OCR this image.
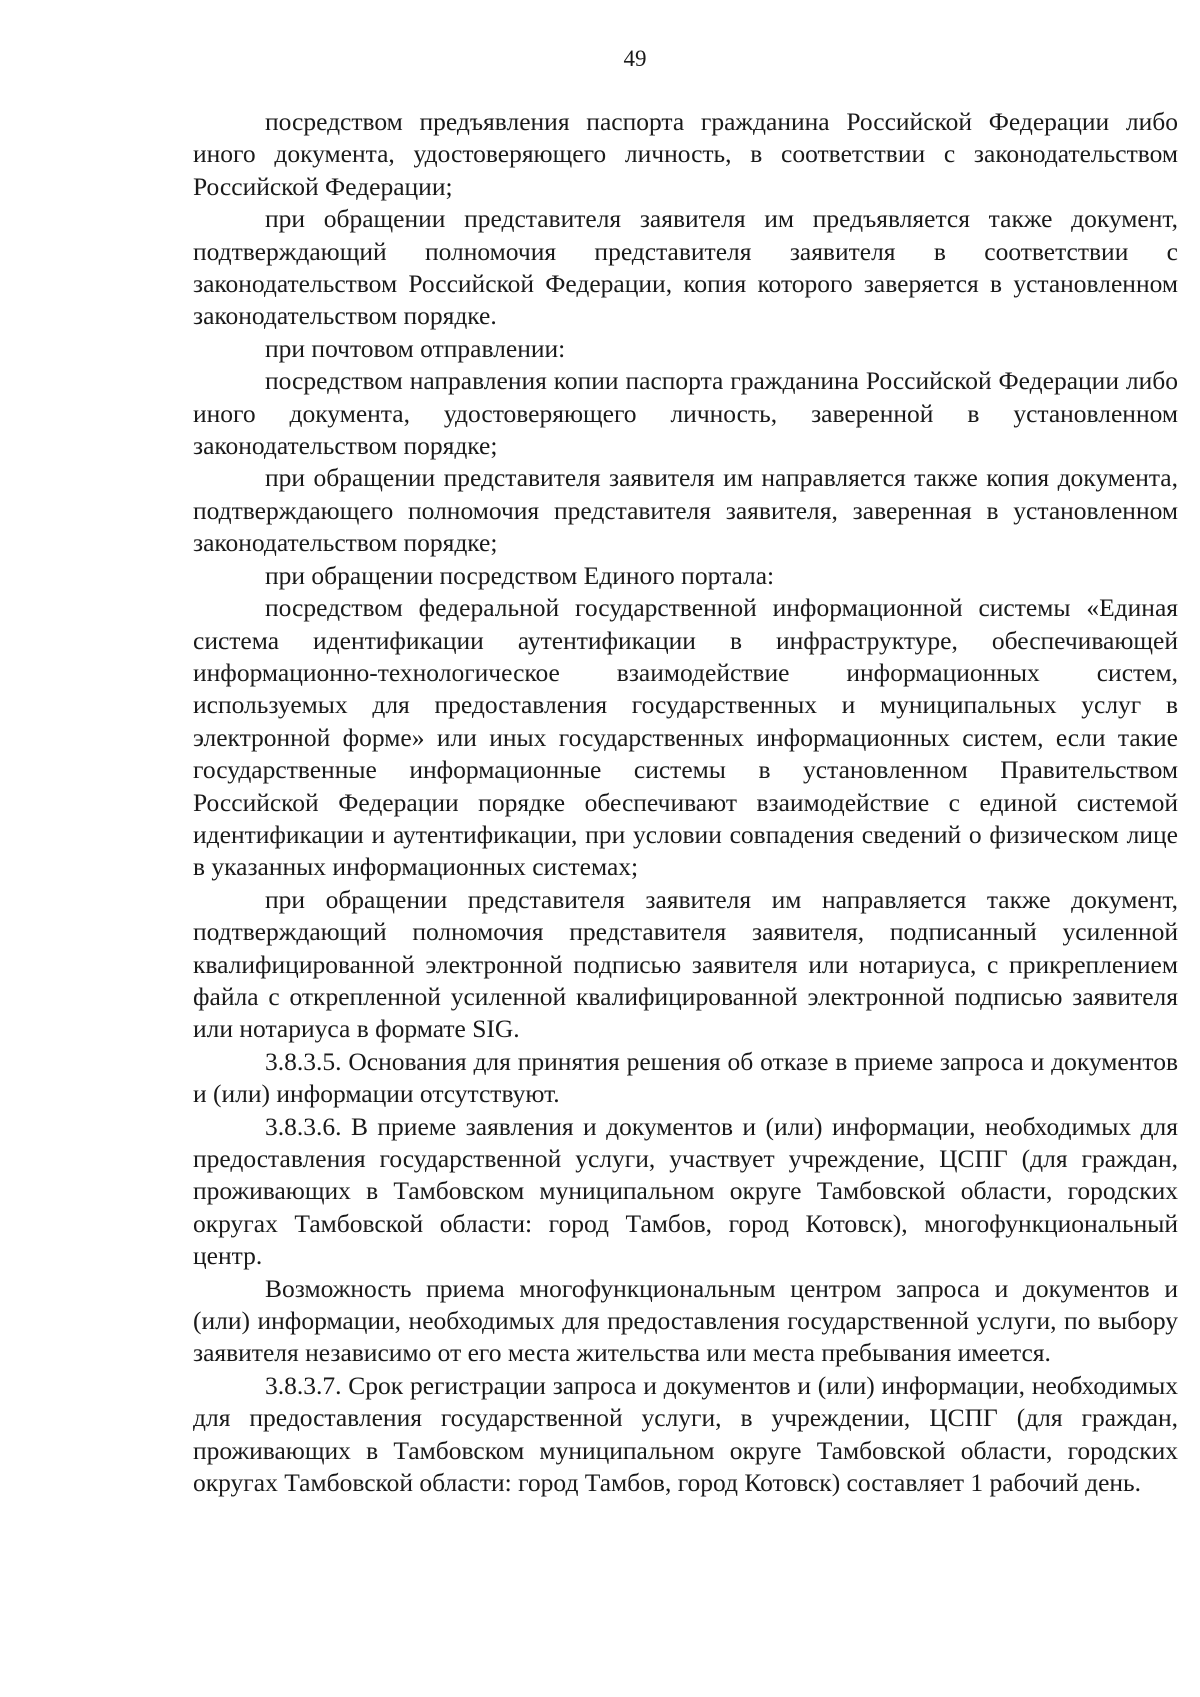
49

посредством предъявления паспорта гражданина Российской Федерации либо иного документа, удостоверяющего личность, в соответствии с законодательством Российской Федерации;

при обращении представителя заявителя им предъявляется также документ, подтверждающий полномочия представителя заявителя в соответствии с законодательством Российской Федерации, копия которого заверяется в установленном законодательством порядке.

при почтовом отправлении:

посредством направления копии паспорта гражданина Российской Федерации либо иного документа, удостоверяющего личность, заверенной в установленном законодательством порядке;

при обращении представителя заявителя им направляется также копия документа, подтверждающего полномочия представителя заявителя, заверенная в установленном законодательством порядке;

при обращении посредством Единого портала:

посредством федеральной государственной информационной системы «Единая система идентификации аутентификации в инфраструктуре, обеспечивающей информационно-технологическое взаимодействие информационных систем, используемых для предоставления государственных и муниципальных услуг в электронной форме» или иных государственных информационных систем, если такие государственные информационные системы в установленном Правительством Российской Федерации порядке обеспечивают взаимодействие с единой системой идентификации и аутентификации, при условии совпадения сведений о физическом лице в указанных информационных системах;

при обращении представителя заявителя им направляется также документ, подтверждающий полномочия представителя заявителя, подписанный усиленной квалифицированной электронной подписью заявителя или нотариуса, с прикреплением файла с открепленной усиленной квалифицированной электронной подписью заявителя или нотариуса в формате SIG.

3.8.3.5. Основания для принятия решения об отказе в приеме запроса и документов и (или) информации отсутствуют.

3.8.3.6. В приеме заявления и документов и (или) информации, необходимых для предоставления государственной услуги, участвует учреждение, ЦСПГ (для граждан, проживающих в Тамбовском муниципальном округе Тамбовской области, городских округах Тамбовской области: город Тамбов, город Котовск), многофункциональный центр.

Возможность приема многофункциональным центром запроса и документов и (или) информации, необходимых для предоставления государственной услуги, по выбору заявителя независимо от его места жительства или места пребывания имеется.

3.8.3.7. Срок регистрации запроса и документов и (или) информации, необходимых для предоставления государственной услуги, в учреждении, ЦСПГ (для граждан, проживающих в Тамбовском муниципальном округе Тамбовской области, городских округах Тамбовской области: город Тамбов, город Котовск) составляет 1 рабочий день.
